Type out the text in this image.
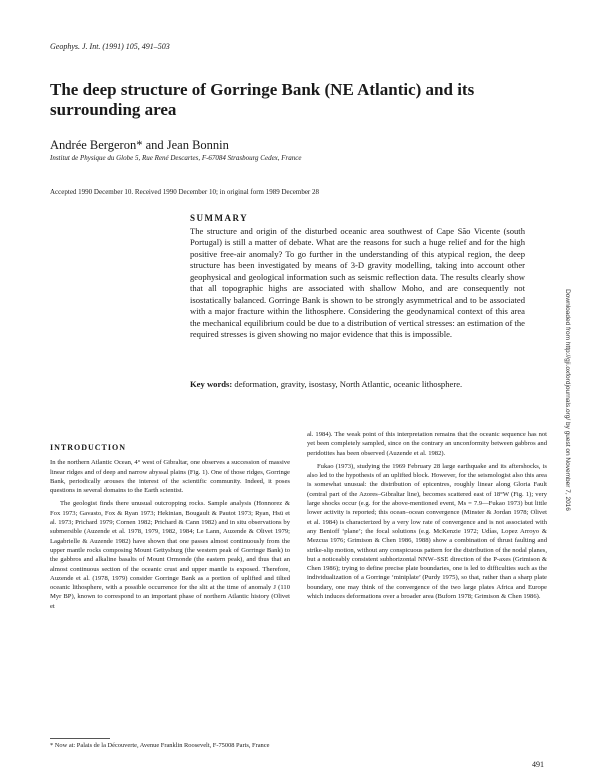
Geophys. J. Int. (1991) 105, 491–503
The deep structure of Gorringe Bank (NE Atlantic) and its surrounding area
Andrée Bergeron* and Jean Bonnin
Institut de Physique du Globe 5, Rue René Descartes, F-67084 Strasbourg Cedex, France
Accepted 1990 December 10. Received 1990 December 10; in original form 1989 December 28
SUMMARY
The structure and origin of the disturbed oceanic area southwest of Cape São Vicente (south Portugal) is still a matter of debate. What are the reasons for such a huge relief and for the high positive free-air anomaly? To go further in the understanding of this atypical region, the deep structure has been investigated by means of 3-D gravity modelling, taking into account other geophysical and geological information such as seismic reflection data. The results clearly show that all topographic highs are associated with shallow Moho, and are consequently not isostatically balanced. Gorringe Bank is shown to be strongly asymmetrical and to be associated with a major fracture within the lithosphere. Considering the geodynamical context of this area the mechanical equilibrium could be due to a distribution of vertical stresses: an estimation of the required stresses is given showing no major evidence that this is impossible.
Key words: deformation, gravity, isostasy, North Atlantic, oceanic lithosphere.
INTRODUCTION

In the northern Atlantic Ocean, 4° west of Gibraltar, one observes a succession of massive linear ridges and of deep and narrow abyssal plains (Fig. 1). One of those ridges, Gorringe Bank, periodically arouses the interest of the scientific community. Indeed, it poses questions in several domains to the Earth scientist.

The geologist finds there unusual outcropping rocks. Sample analysis (Honnorez & Fox 1973; Gavasto, Fox & Ryan 1973; Hekinian, Bougault & Pautot 1973; Ryan, Hsü et al. 1973; Prichard 1979; Cornen 1982; Prichard & Cann 1982) and in situ observations by submersible (Auzende et al. 1978, 1979, 1982, 1984; Le Lann, Auzende & Olivet 1979; Lagabrielle & Auzende 1982) have shown that one passes almost continuously from the upper mantle rocks composing Mount Gettysburg (the western peak of Gorringe Bank) to the gabbros and alkaline basalts of Mount Ormonde (the eastern peak), and thus that an almost continuous section of the oceanic crust and upper mantle is exposed. Therefore, Auzende et al. (1978, 1979) consider Gorringe Bank as a portion of uplifted and tilted oceanic lithosphere, with a possible occurrence for the slit at the time of anomaly J (110 Myr BP), known to correspond to an important phase of northern Atlantic history (Olivet et

al. 1984). The weak point of this interpretation remains that the oceanic sequence has not yet been completely sampled, since on the contrary an unconformity between gabbros and peridotites has been observed (Auzende et al. 1982).

Fukao (1973), studying the 1969 February 28 large earthquake and its aftershocks, is also led to the hypothesis of an uplifted block. However, for the seismologist also this area is somewhat unusual: the distribution of epicentres, roughly linear along Gloria Fault (central part of the Azores–Gibraltar line), becomes scattered east of 18°W (Fig. 1); very large shocks occur (e.g. for the above-mentioned event, Ms = 7.9—Fukao 1973) but little lower activity is reported; this ocean–ocean convergence (Minster & Jordan 1978; Olivet et al. 1984) is characterized by a very low rate of convergence and is not associated with any Benioff ‘plane’; the focal solutions (e.g. McKenzie 1972; Udías, Lopez Arroyo & Mezcua 1976; Grimison & Chen 1986, 1988) show a combination of thrust faulting and strike-slip motion, without any conspicuous pattern for the distribution of the nodal planes, but a noticeably consistent subhorizontal NNW–SSE direction of the P-axes (Grimison & Chen 1986); trying to define precise plate boundaries, one is led to difficulties such as the individualization of a Gorringe ‘miniplate’ (Purdy 1975), so that, rather than a sharp plate boundary, one may think of the convergence of the two large plates Africa and Europe which induces deformations over a broader area (Buforn 1978; Grimison & Chen 1986).

* Now at: Palais de la Découverte, Avenue Franklin Roosevelt, F-75008 Paris, France
491
Downloaded from http://gji.oxfordjournals.org/ by guest on November 7, 2016
